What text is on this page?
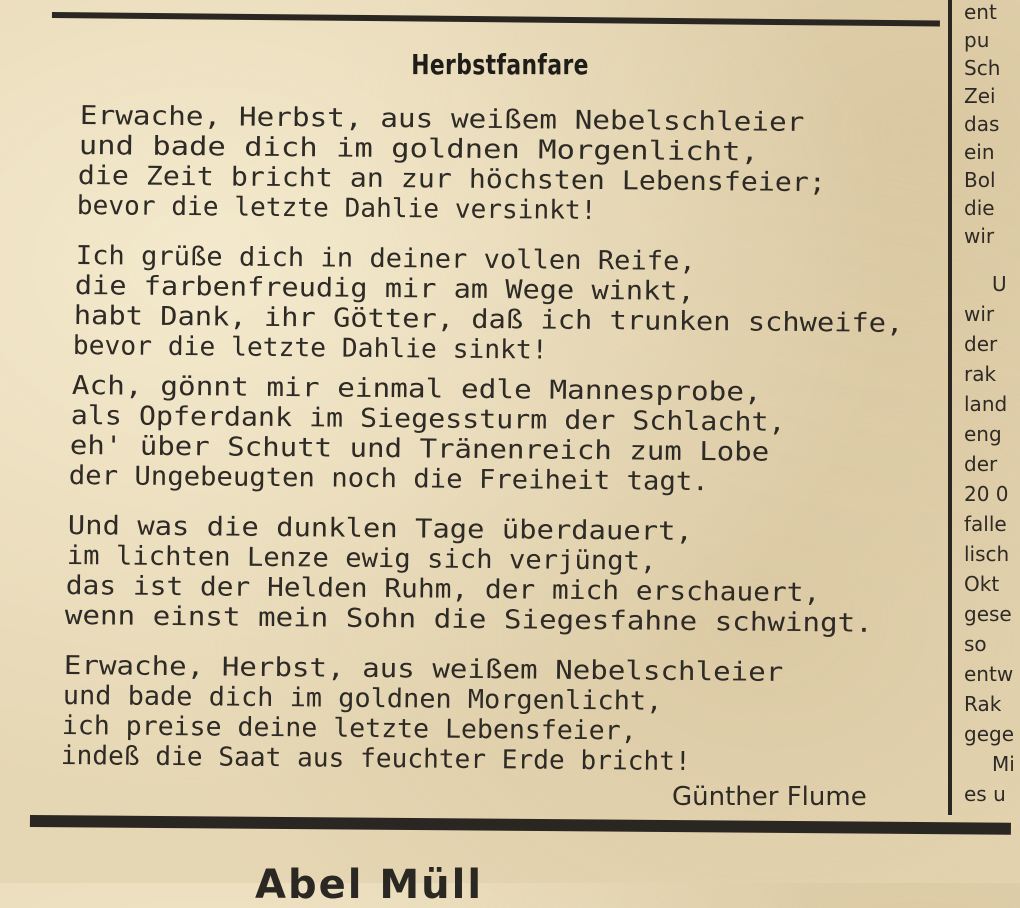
Herbstfanfare
Erwache, Herbst, aus weißem Nebelschleier
und bade dich im goldnen Morgenlicht,
die Zeit bricht an zur höchsten Lebensfeier;
bevor die letzte Dahlie versinkt!
Ich grüße dich in deiner vollen Reife,
die farbenfreudig mir am Wege winkt,
habt Dank, ihr Götter, daß ich trunken schweife,
bevor die letzte Dahlie sinkt!
Ach, gönnt mir einmal edle Mannesprobe,
als Opferdank im Siegessturm der Schlacht,
eh' über Schutt und Tränenreich zum Lobe
der Ungebeugten noch die Freiheit tagt.
Und was die dunklen Tage überdauert,
im lichten Lenze ewig sich verjüngt,
das ist der Helden Ruhm, der mich erschauert,
wenn einst mein Sohn die Siegesfahne schwingt.
Erwache, Herbst, aus weißem Nebelschleier
und bade dich im goldnen Morgenlicht,
ich preise deine letzte Lebensfeier,
indeß die Saat aus feuchter Erde bricht!
Günther Flume
ent
pu
Sch
Zei
das
ein
Bol
die
wir
U
wir
der
rak
land
eng
der
20 0
falle
lisch
Okt
gese
so
entw
Rak
gege
Mi
es u
Abel Müll
